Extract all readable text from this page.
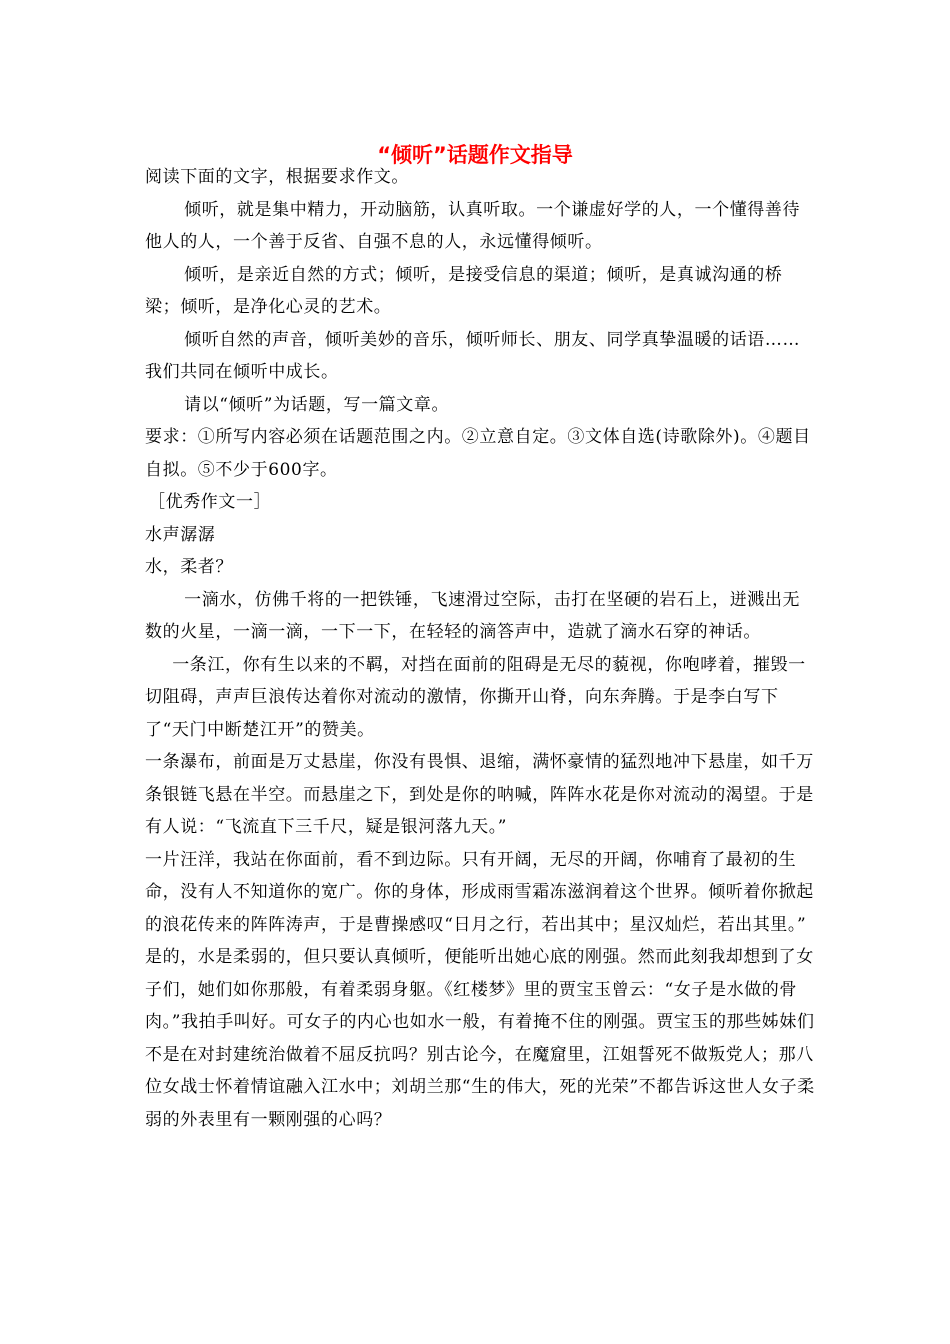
“倾听”话题作文指导

阅读下面的文字，根据要求作文。

倾听，就是集中精力，开动脑筋，认真听取。一个谦虚好学的人，一个懂得善待他人的人，一个善于反省、自强不息的人，永远懂得倾听。

倾听，是亲近自然的方式；倾听，是接受信息的渠道；倾听，是真诚沟通的桥梁；倾听，是净化心灵的艺术。

倾听自然的声音，倾听美妙的音乐，倾听师长、朋友、同学真挚温暖的话语……我们共同在倾听中成长。

请以“倾听”为话题，写一篇文章。

要求：①所写内容必须在话题范围之内。②立意自定。③文体自选(诗歌除外)。④题目自拟。⑤不少于600字。

［优秀作文一］

水声潺潺

水，柔者？

一滴水，仿佛千将的一把铁锤，飞速滑过空际，击打在坚硬的岩石上，迸溅出无数的火星，一滴一滴，一下一下，在轻轻的滴答声中，造就了滴水石穿的神话。

一条江，你有生以来的不羁，对挡在面前的阻碍是无尽的藐视，你咆哮着，摧毁一切阻碍，声声巨浪传达着你对流动的激情，你撕开山脊，向东奔腾。于是李白写下了“天门中断楚江开”的赞美。

一条瀑布，前面是万丈悬崖，你没有畏惧、退缩，满怀豪情的猛烈地冲下悬崖，如千万条银链飞悬在半空。而悬崖之下，到处是你的呐喊，阵阵水花是你对流动的渴望。于是有人说：“飞流直下三千尺，疑是银河落九天。”

一片汪洋，我站在你面前，看不到边际。只有开阔，无尽的开阔，你哺育了最初的生命，没有人不知道你的宽广。你的身体，形成雨雪霜冻滋润着这个世界。倾听着你掀起的浪花传来的阵阵涛声，于是曹操感叹“日月之行，若出其中；星汉灿烂，若出其里。”

是的，水是柔弱的，但只要认真倾听，便能听出她心底的刚强。然而此刻我却想到了女子们，她们如你那般，有着柔弱身躯。《红楼梦》里的贾宝玉曾云：“女子是水做的骨肉。”我拍手叫好。可女子的内心也如水一般，有着掩不住的刚强。贾宝玉的那些姊妹们不是在对封建统治做着不屈反抗吗？别古论今，在魔窟里，江姐誓死不做叛党人；那八位女战士怀着情谊融入江水中；刘胡兰那“生的伟大，死的光荣”不都告诉这世人女子柔弱的外表里有一颗刚强的心吗？
